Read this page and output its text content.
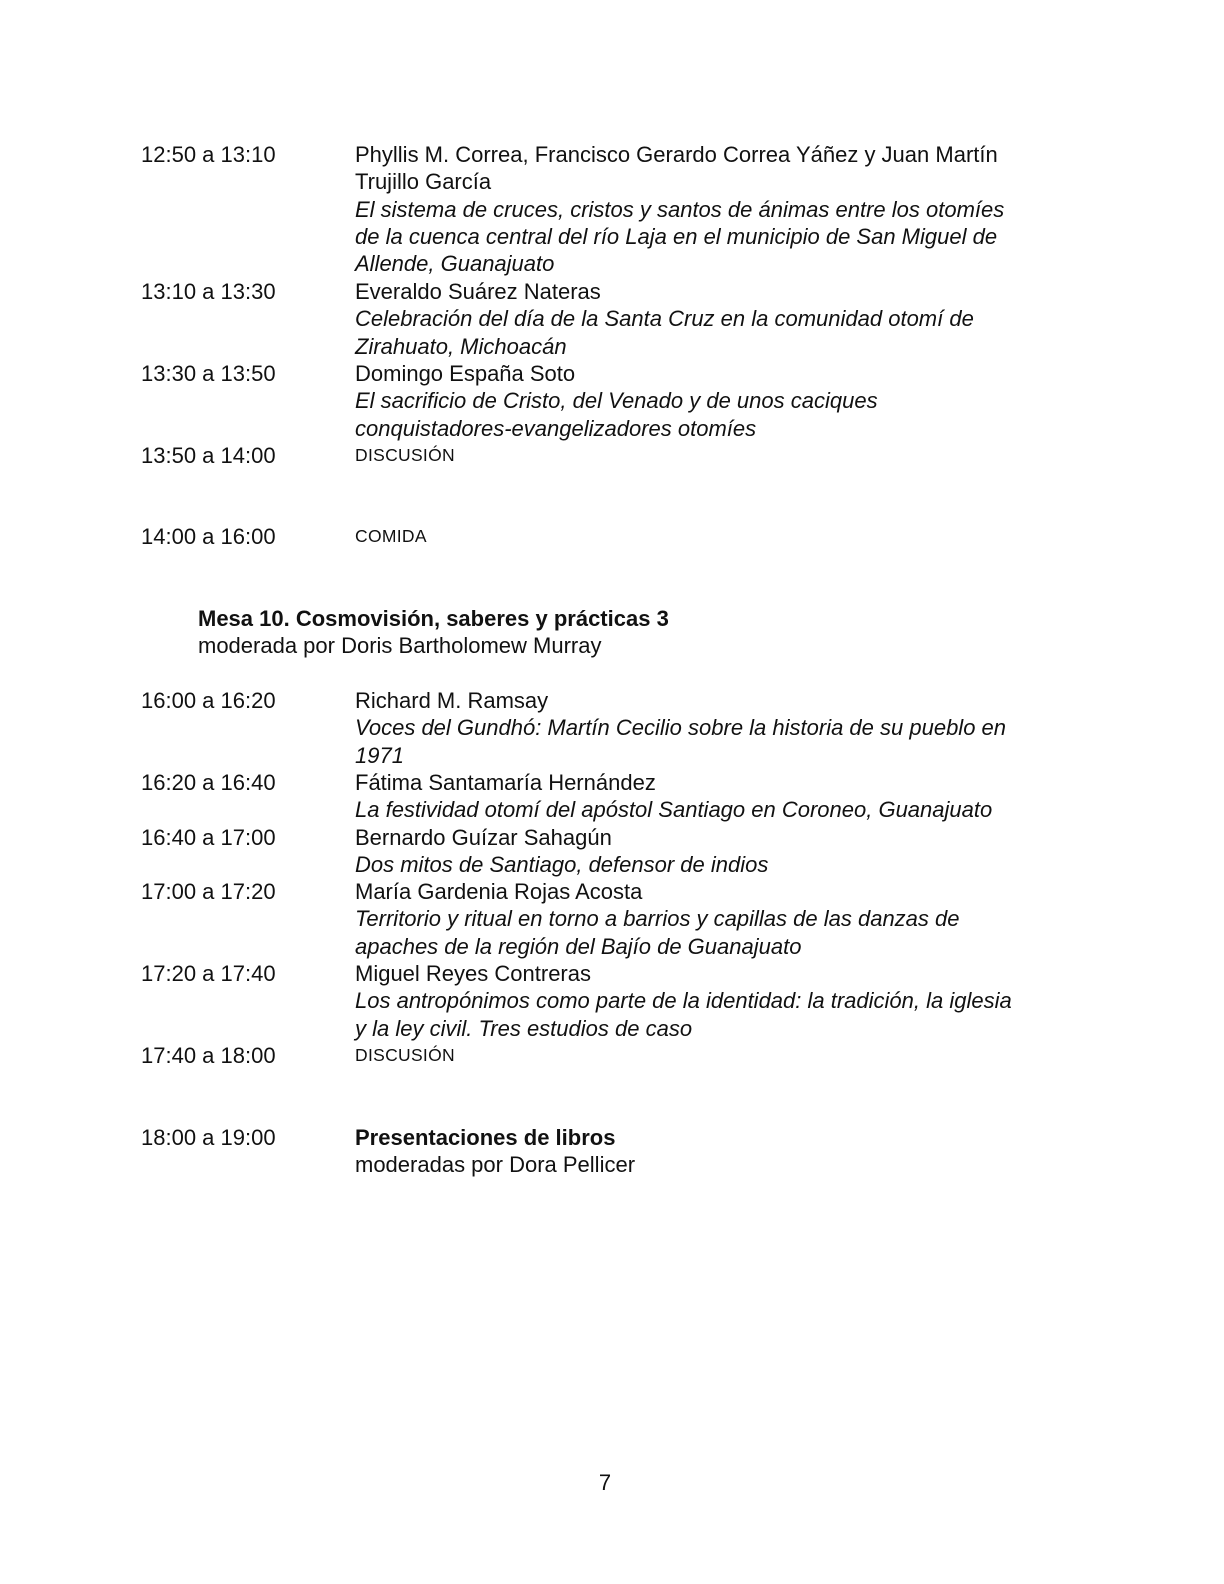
12:50 a 13:10	Phyllis M. Correa, Francisco Gerardo Correa Yáñez y Juan Martín
Trujillo García
El sistema de cruces, cristos y santos de ánimas entre los otomíes
de la cuenca central del río Laja en el municipio de San Miguel de
Allende, Guanajuato
13:10 a 13:30	Everaldo Suárez Nateras
Celebración del día de la Santa Cruz en la comunidad otomí de
Zirahuato, Michoacán
13:30 a 13:50	Domingo España Soto
El sacrificio de Cristo, del Venado y de unos caciques
conquistadores-evangelizadores otomíes
13:50 a 14:00	DISCUSIÓN
14:00 a 16:00	COMIDA
Mesa 10. Cosmovisión, saberes y prácticas 3
moderada por Doris Bartholomew Murray
16:00 a 16:20	Richard M. Ramsay
Voces del Gundhó: Martín Cecilio sobre la historia de su pueblo en
1971
16:20 a 16:40	Fátima Santamaría Hernández
La festividad otomí del apóstol Santiago en Coroneo, Guanajuato
16:40 a 17:00	Bernardo Guízar Sahagún
Dos mitos de Santiago, defensor de indios
17:00 a 17:20	María Gardenia Rojas Acosta
Territorio y ritual en torno a barrios y capillas de las danzas de
apaches de la región del Bajío de Guanajuato
17:20 a 17:40	Miguel Reyes Contreras
Los antropónimos como parte de la identidad: la tradición, la iglesia
y la ley civil. Tres estudios de caso
17:40 a 18:00	DISCUSIÓN
18:00 a 19:00	Presentaciones de libros
moderadas por Dora Pellicer
7
